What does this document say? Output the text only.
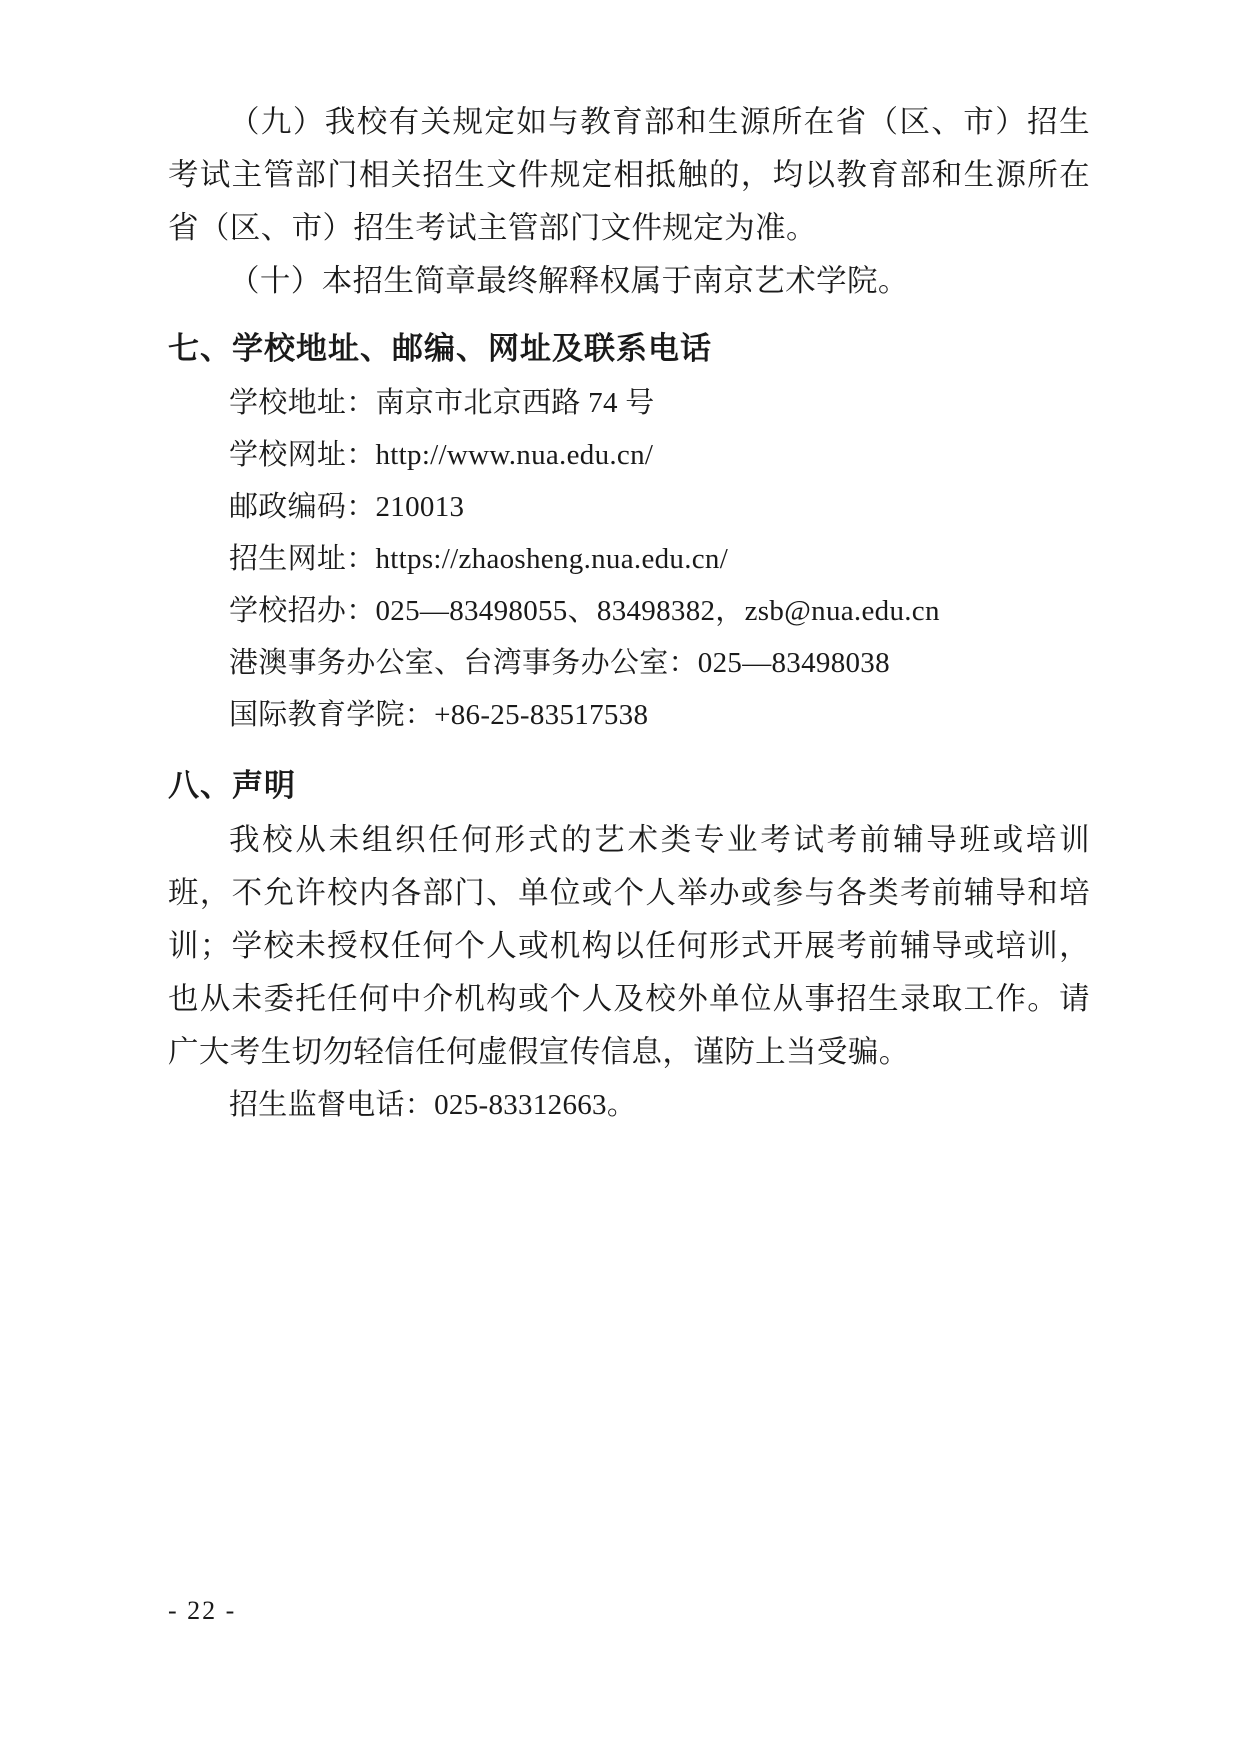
（九）我校有关规定如与教育部和生源所在省（区、市）招生考试主管部门相关招生文件规定相抵触的，均以教育部和生源所在省（区、市）招生考试主管部门文件规定为准。

（十）本招生简章最终解释权属于南京艺术学院。

七、学校地址、邮编、网址及联系电话

学校地址：南京市北京西路 74 号

学校网址：http://www.nua.edu.cn/

邮政编码：210013

招生网址：https://zhaosheng.nua.edu.cn/

学校招办：025—83498055、83498382，zsb@nua.edu.cn

港澳事务办公室、台湾事务办公室：025—83498038

国际教育学院：+86-25-83517538

八、声明

我校从未组织任何形式的艺术类专业考试考前辅导班或培训班，不允许校内各部门、单位或个人举办或参与各类考前辅导和培训；学校未授权任何个人或机构以任何形式开展考前辅导或培训，也从未委托任何中介机构或个人及校外单位从事招生录取工作。请广大考生切勿轻信任何虚假宣传信息，谨防上当受骗。

招生监督电话：025-83312663。

- 22 -
